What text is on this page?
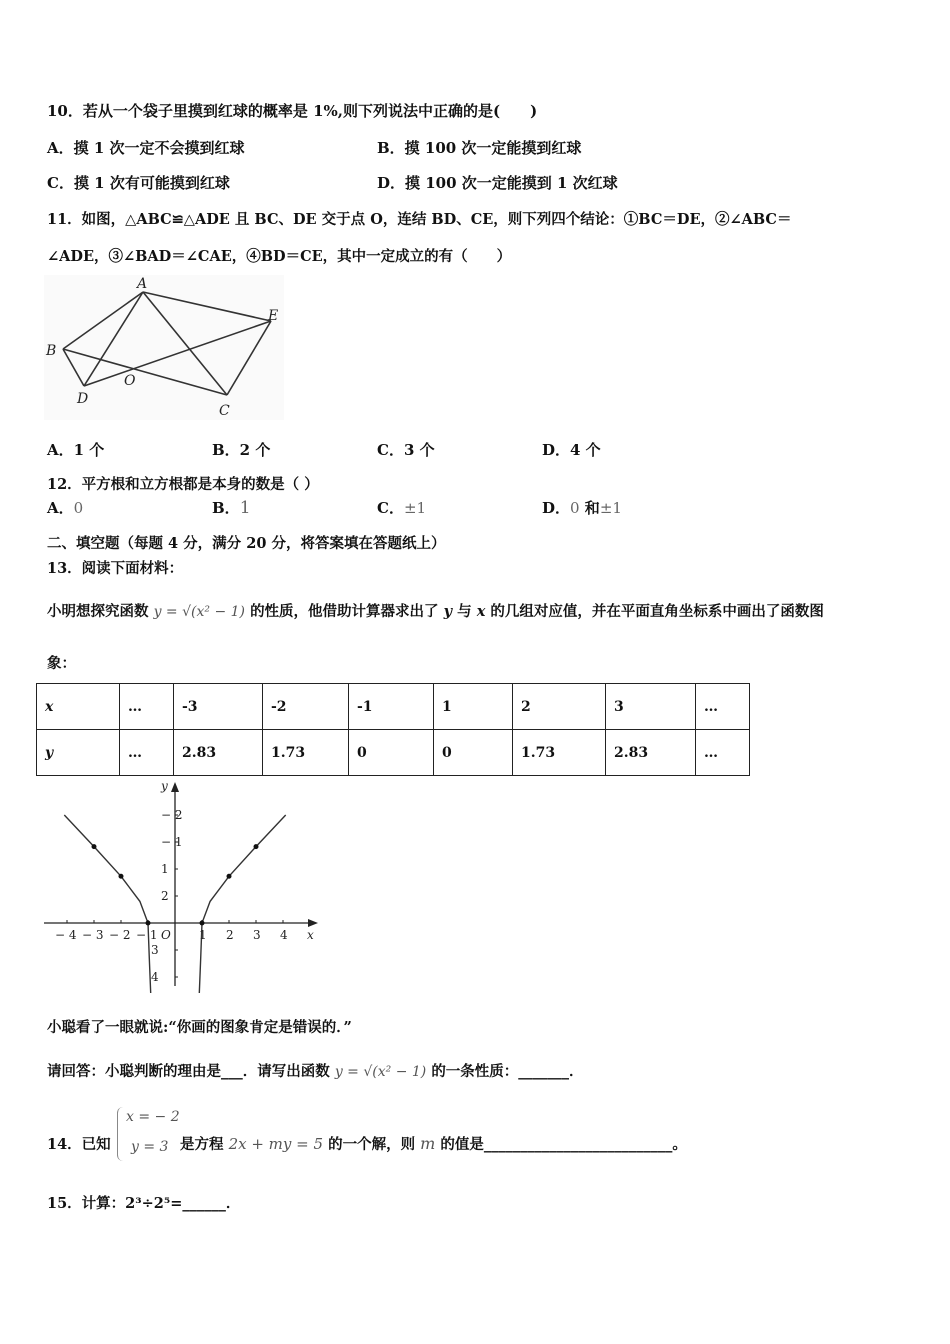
10．若从一个袋子里摸到红球的概率是 1%,则下列说法中正确的是(　　)
A．摸 1 次一定不会摸到红球	B．摸 100 次一定能摸到红球
C．摸 1 次有可能摸到红球	D．摸 100 次一定能摸到 1 次红球
11．如图，△ABC≌△ADE 且 BC、DE 交于点 O，连结 BD、CE，则下列四个结论：①BC＝DE，②∠ABC＝
∠ADE，③∠BAD＝∠CAE，④BD＝CE，其中一定成立的有（　　）
A
E
B
O
D
C
A．1 个	B．2 个	C．3 个	D．4 个
12．平方根和立方根都是本身的数是（ ）
A．0	B．1	C．±1	D．0 和±1
二、填空题（每题 4 分，满分 20 分，将答案填在答题纸上）
13．阅读下面材料：
小明想探究函数 y = √(x² − 1) 的性质，他借助计算器求出了 y 与 x 的几组对应值，并在平面直角坐标系中画出了函数图
象：
x	…	-3	-2	-1	1	2	3	…
y	…	2.83	1.73	0	0	1.73	2.83	…
− 4 − 3 − 2 − 1	1 2 3 4
4
3
2
1
− 1
− 2
x
y
O
小聪看了一眼就说:“你画的图象肯定是错误的．”
请回答：小聪判断的理由是___．请写出函数 y = √(x² − 1) 的一条性质：_______．
14．已知
x = − 2
y = 3 是方程 2x + my = 5 的一个解，则 m 的值是__________________________。
15．计算：2³÷2⁵=______．
